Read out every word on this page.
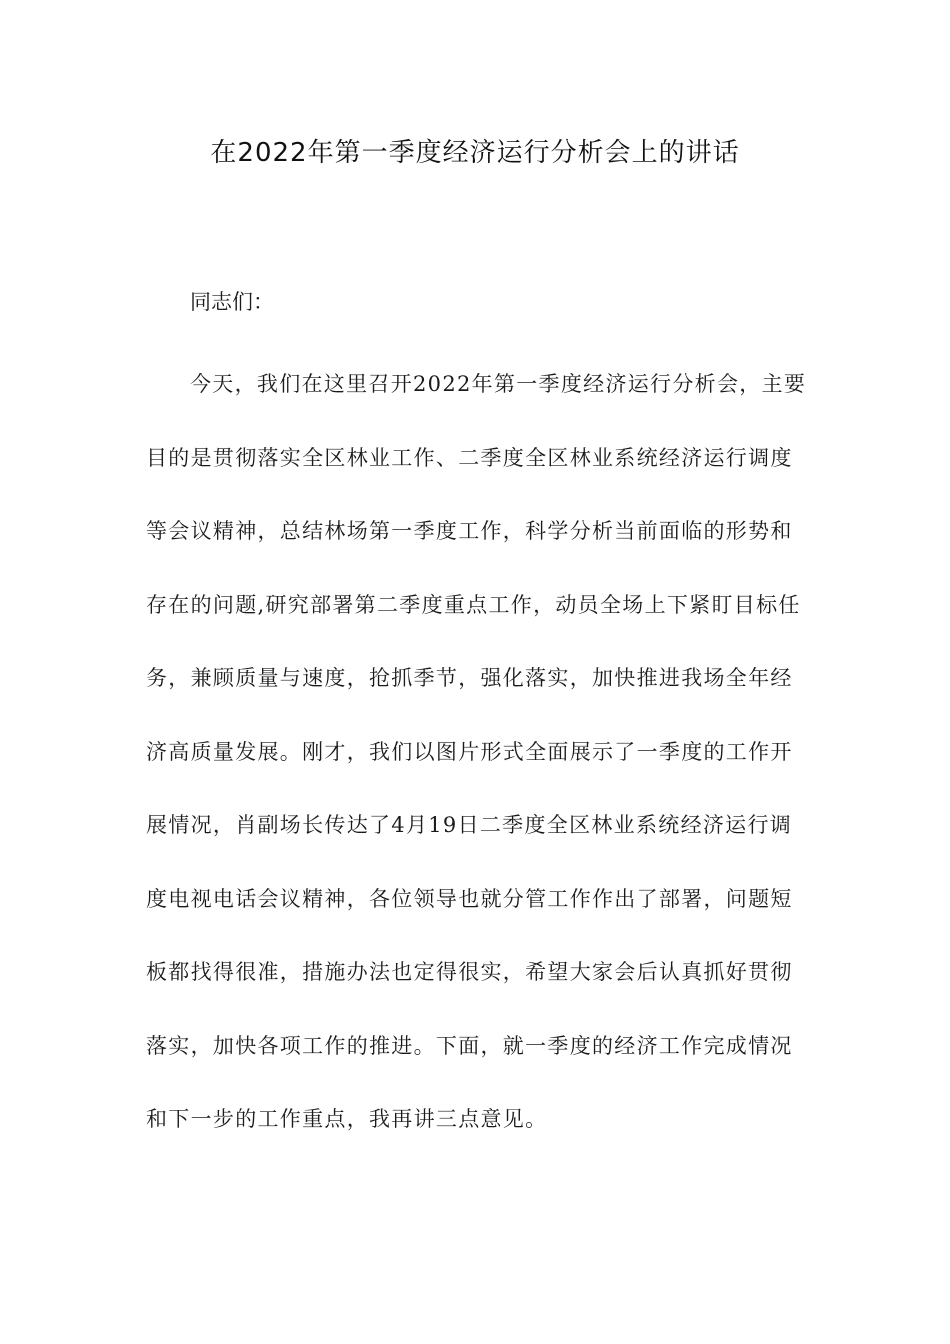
在2022年第一季度经济运行分析会上的讲话

同志们：

今天，我们在这里召开2022年第一季度经济运行分析会，主要
目的是贯彻落实全区林业工作、二季度全区林业系统经济运行调度
等会议精神，总结林场第一季度工作，科学分析当前面临的形势和
存在的问题,研究部署第二季度重点工作，动员全场上下紧盯目标任
务，兼顾质量与速度，抢抓季节，强化落实，加快推进我场全年经
济高质量发展。刚才，我们以图片形式全面展示了一季度的工作开
展情况，肖副场长传达了4月19日二季度全区林业系统经济运行调
度电视电话会议精神，各位领导也就分管工作作出了部署，问题短
板都找得很准，措施办法也定得很实，希望大家会后认真抓好贯彻
落实，加快各项工作的推进。下面，就一季度的经济工作完成情况
和下一步的工作重点，我再讲三点意见。
